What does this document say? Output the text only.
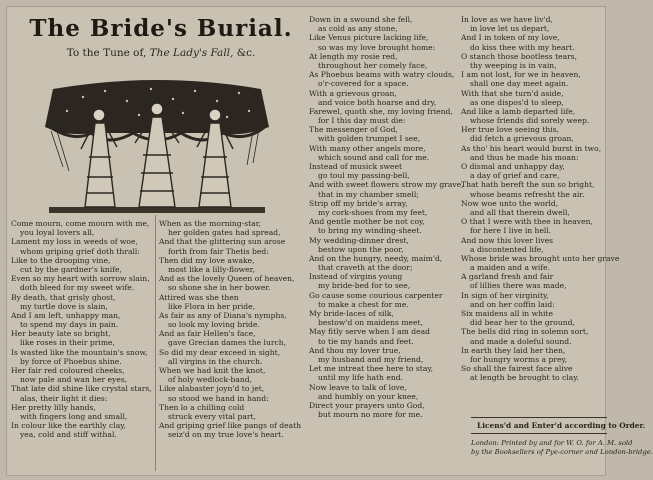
The Bride's Burial.
To the Tune of, The Lady's Fall, &c.
Come mourn, come mourn with me,
you loyal lovers all,
Lament my loss in weeds of woe,
whom griping grief doth thrall:
Like to the drooping vine,
cut by the gardner's knife,
Even so my heart with sorrow slain,
doth bleed for my sweet wife.
By death, that grisly ghost,
my turtle dove is slain,
And I am left, unhappy man,
to spend my days in pain.
Her beauty late so bright,
like roses in their prime,
Is wasted like the mountain's snow,
by force of Phoebus shine.
Her fair red coloured cheeks,
now pale and wan her eyes,
That late did shine like crystal stars,
alas, their light it dies:
Her pretty lilly hands,
with fingers long and small,
In colour like the earthly clay,
yea, cold and stiff withal.
When as the morning-star,
her golden gates had spread,
And that the glittering sun arose
forth from fair Thetis bed:
Then did my love awake,
most like a lilly-flower,
And as the lovely Queen of heaven,
so shone she in her bower.
Attired was she then
like Flora in her pride,
As fair as any of Diana's nymphs,
so look my loving bride.
And as fair Hellen's face,
gave Grecian dames the lurch,
So did my dear exceed in sight,
all virgins in the church.
When we had knit the knot,
of holy wedlock-band,
Like alabaster joyn'd to jet,
so stood we hand in hand:
Then lo a chilling cold
struck every vital part,
And griping grief like pangs of death
seiz'd on my true love's heart.
Down in a swound she fell,
as cold as any stone,
Like Venus picture lacking life,
so was my love brought home:
At length my rosie red,
throughout her comely face,
As Phoebus beams with watry clouds,
o'r-covered for a space.
With a grievous groan,
and voice both hoarse and dry,
Farewel, quoth she, my loving friend,
for I this day must die:
The messenger of God,
with golden trumpet I see,
With many other angels more,
which sound and call for me.
Instead of musick sweet
go toul my passing-bell,
And with sweet flowers strow my grave,
that in my chamber smell;
Strip off my bride's array,
my cork-shoes from my feet,
And gentle mother be not coy,
to bring my winding-sheet.
My wedding-dinner drest,
bestow upon the poor,
And on the hungry, needy, maim'd,
that craveth at the door;
Instead of virgins young
my bride-bed for to see,
Go cause some courious carpenter
to make a chest for me.
My bride-laces of silk,
bestow'd on maidens meet,
May fitly serve when I am dead
to tie my hands and feet.
And thou my lover true,
my husband and my friend,
Let me intreat thee here to stay,
until my life hath end.
Now leave to talk of love,
and humbly on your knee,
Direct your prayers unto God,
but mourn no more for me.
In love as we have liv'd,
in love let us depart,
And I in token of my love,
do kiss thee with my heart.
O stanch those bootless tears,
thy weeping is in vain,
I am not lost, for we in heaven,
shall one day meet again.
With that she turn'd aside,
as one dispos'd to sleep,
And like a lamb departed life,
whose friends did sorely weep.
Her true love seeing this,
did fetch a grievous groan,
As tho' his heart would burst in two,
and thus he made his moan:
O dismal and unhappy day,
a day of grief and care,
That hath bereft the sun so bright,
whose beams refresht the air.
Now woe unto the world,
and all that therein dwell,
O that I were with thee in heaven,
for here I live in hell.
And now this lover lives
a discontented life,
Whose bride was brought unto her grave
a maiden and a wife.
A garland fresh and fair
of lillies there was made,
In sign of her virginity,
and on her coffin laid:
Six maidens all in white
did bear her to the ground,
The bells did ring in solemn sort,
and made a doleful sound.
In earth they laid her then,
for hungry worms a prey,
So shall the fairest face alive
at length be brought to clay.
Licens'd and Enter'd according to Order.
London: Printed by and for W. O. for A. M. sold
by the Booksellers of Pye-corner and London-bridge.
